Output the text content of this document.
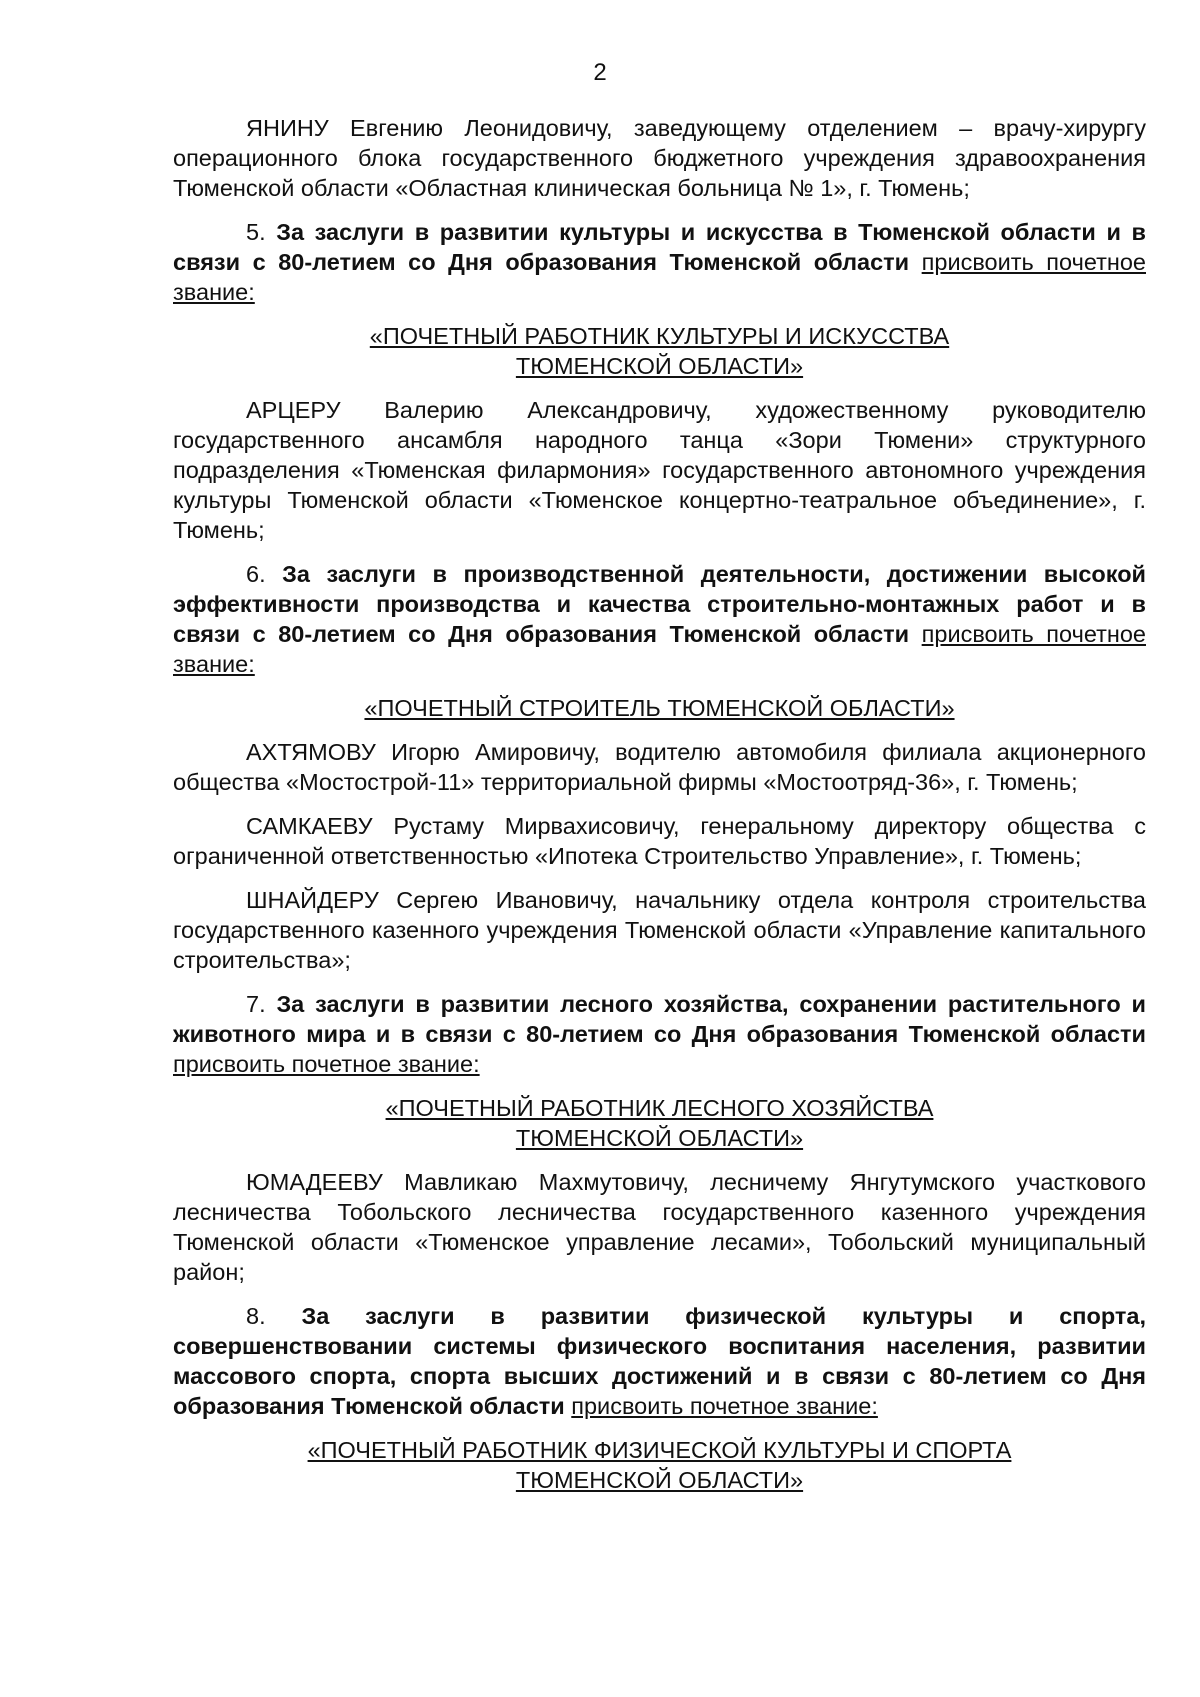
2

ЯНИНУ Евгению Леонидовичу, заведующему отделением – врачу-хирургу операционного блока государственного бюджетного учреждения здравоохранения Тюменской области «Областная клиническая больница № 1», г. Тюмень;

5. За заслуги в развитии культуры и искусства в Тюменской области и в связи с 80-летием со Дня образования Тюменской области присвоить почетное звание:

«ПОЧЕТНЫЙ РАБОТНИК КУЛЬТУРЫ И ИСКУССТВА
ТЮМЕНСКОЙ ОБЛАСТИ»

АРЦЕРУ Валерию Александровичу, художественному руководителю государственного ансамбля народного танца «Зори Тюмени» структурного подразделения «Тюменская филармония» государственного автономного учреждения культуры Тюменской области «Тюменское концертно-театральное объединение», г. Тюмень;

6. За заслуги в производственной деятельности, достижении высокой эффективности производства и качества строительно-монтажных работ и в связи с 80-летием со Дня образования Тюменской области присвоить почетное звание:

«ПОЧЕТНЫЙ СТРОИТЕЛЬ ТЮМЕНСКОЙ ОБЛАСТИ»

АХТЯМОВУ Игорю Амировичу, водителю автомобиля филиала акционерного общества «Мостострой-11» территориальной фирмы «Мостоотряд-36», г. Тюмень;

САМКАЕВУ Рустаму Мирвахисовичу, генеральному директору общества с ограниченной ответственностью «Ипотека Строительство Управление», г. Тюмень;

ШНАЙДЕРУ Сергею Ивановичу, начальнику отдела контроля строительства государственного казенного учреждения Тюменской области «Управление капитального строительства»;

7. За заслуги в развитии лесного хозяйства, сохранении растительного и животного мира и в связи с 80-летием со Дня образования Тюменской области присвоить почетное звание:

«ПОЧЕТНЫЙ РАБОТНИК ЛЕСНОГО ХОЗЯЙСТВА
ТЮМЕНСКОЙ ОБЛАСТИ»

ЮМАДЕЕВУ Мавликаю Махмутовичу, лесничему Янгутумского участкового лесничества Тобольского лесничества государственного казенного учреждения Тюменской области «Тюменское управление лесами», Тобольский муниципальный район;

8. За заслуги в развитии физической культуры и спорта, совершенствовании системы физического воспитания населения, развитии массового спорта, спорта высших достижений и в связи с 80-летием со Дня образования Тюменской области присвоить почетное звание:

«ПОЧЕТНЫЙ РАБОТНИК ФИЗИЧЕСКОЙ КУЛЬТУРЫ И СПОРТА
ТЮМЕНСКОЙ ОБЛАСТИ»
